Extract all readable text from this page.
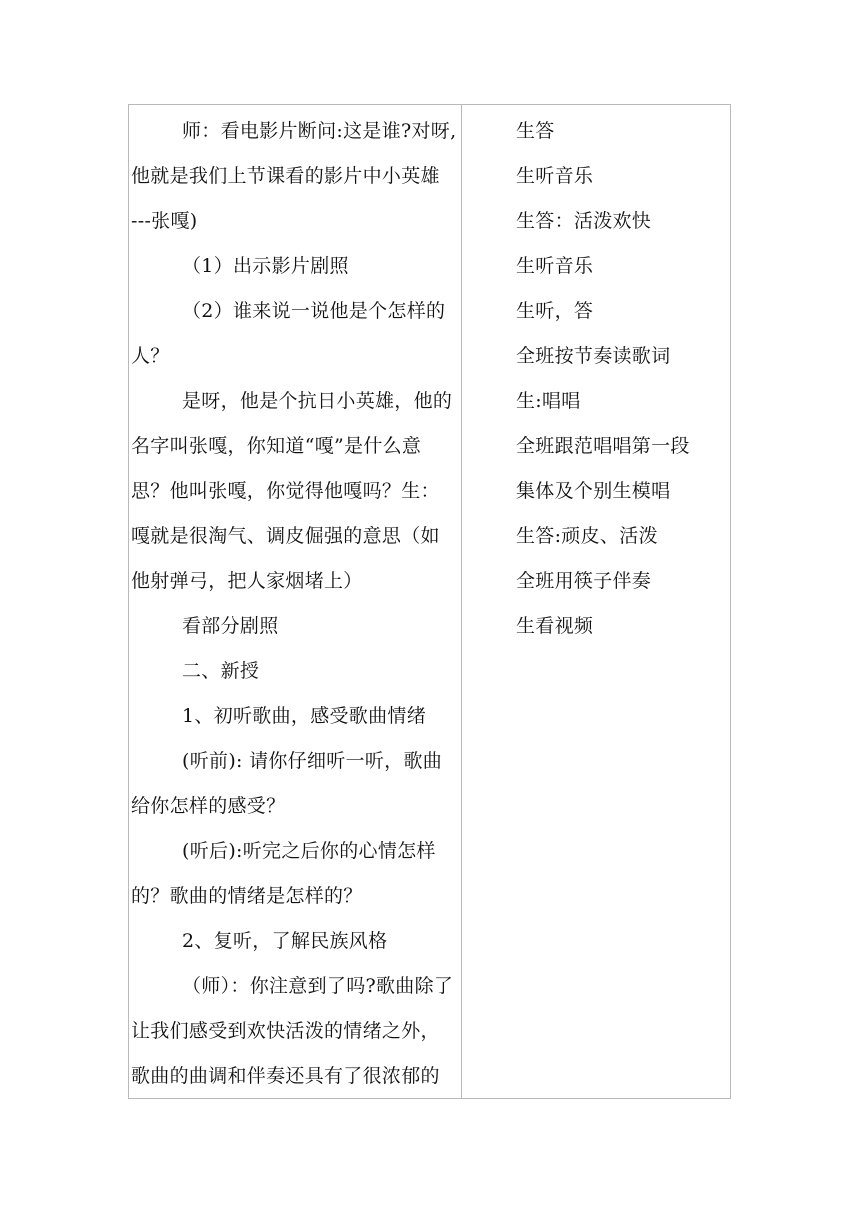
师：看电影片断问:这是谁?对呀,
他就是我们上节课看的影片中小英雄
---张嘎)
（1）出示影片剧照
（2）谁来说一说他是个怎样的
人？
是呀，他是个抗日小英雄，他的
名字叫张嘎，你知道“嘎”是什么意
思？他叫张嘎，你觉得他嘎吗？生：
嘎就是很淘气、调皮倔强的意思（如
他射弹弓，把人家烟堵上）
看部分剧照
二、新授
1、初听歌曲，感受歌曲情绪
(听前): 请你仔细听一听，歌曲
给你怎样的感受？
(听后):听完之后你的心情怎样
的？歌曲的情绪是怎样的？
2、复听，了解民族风格
（师）：你注意到了吗?歌曲除了
让我们感受到欢快活泼的情绪之外，
歌曲的曲调和伴奏还具有了很浓郁的
生答
生听音乐
生答：活泼欢快
生听音乐
生听，答
全班按节奏读歌词
生:唱唱
全班跟范唱唱第一段
集体及个别生模唱
生答:顽皮、活泼
全班用筷子伴奏
生看视频
